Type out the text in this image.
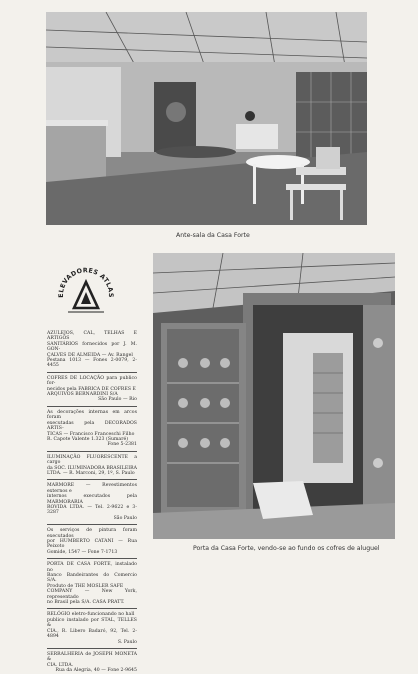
Ante-sala da Casa Forte
ELEVADORES ATLAS

AZULEJOS, CAL, TELHAS E ARTIGOS

SANITÁRIOS fornecidos por J. M. GON-

ÇALVES DE ALMEIDA — Av. Rangel

Pestana 1013 — Fones 2-0079, 2-4455

COFRES DE LOCAÇÃO para publico for-

necidos pela FABRICA DE COFRES E

ARQUIVOS BERNARDINI S/A

São Paulo — Rio

As decorações internas em arcos foram

executadas pela DECORADOS ARTIS-

TICAS — Francisco Franceschi Filho

R. Capote Valente 1.323 (Sumaré)

Fone 5-2381

ILUMINAÇÃO FLUORESCENTE a cargo

da SOC. ILUMINADORA BRASILEIRA

LTDA. — R. Marconi, 29, 1º, S. Paulo

MARMORE — Revestimentos externos e

internos executados pela MARMORARIA

ROVIDA LTDA. — Tel. 2-9622 e 3-3287

São Paulo

Os serviços de pintura foram executados

por HUMBERTO CATANI — Rua Peixoto

Gomide, 1547 — Fone 7-1713

PORTA DE CASA FORTE, instalado no

Banco Bandeirantes do Comercio S/A.

Produto de THE MOSLER SAFE

COMPANY — New York, representado

no Brasil pela S/A. CASA PRATT.

RELÓGIO eletro-funcionando no hall

publico instalado por STAL, TELLES &

CIA., R. Libero Badaró, 92, Tel. 2-4894

S. Paulo

SERRALHERIA de JOSEPH MONETA &

CIA. LTDA.

Rua da Alegria, 40 — Fone 2-9645

Porta da Casa Forte, vendo-se ao fundo os cofres de aluguel
